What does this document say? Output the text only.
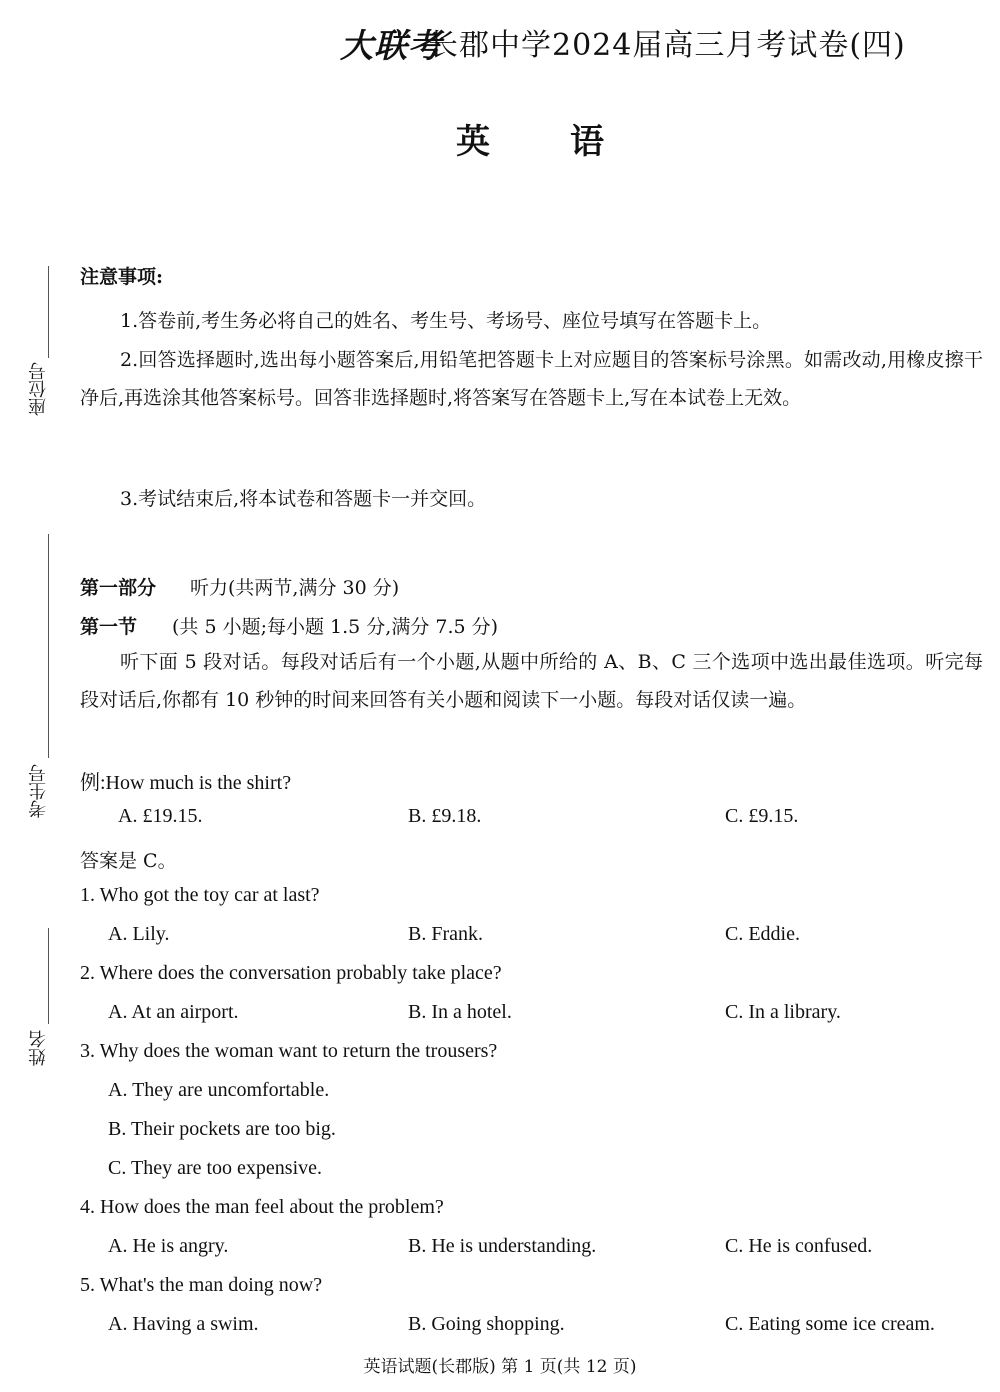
大联考
长郡中学2024届高三月考试卷(四)
英 语
座位号
考生号
姓名
注意事项:
1.答卷前,考生务必将自己的姓名、考生号、考场号、座位号填写在答题卡上。
2.回答选择题时,选出每小题答案后,用铅笔把答题卡上对应题目的答案标号涂黑。如需改动,用橡皮擦干净后,再选涂其他答案标号。回答非选择题时,将答案写在答题卡上,写在本试卷上无效。
3.考试结束后,将本试卷和答题卡一并交回。
第一部分 听力(共两节,满分 30 分)
第一节 (共 5 小题;每小题 1.5 分,满分 7.5 分)
听下面 5 段对话。每段对话后有一个小题,从题中所给的 A、B、C 三个选项中选出最佳选项。听完每段对话后,你都有 10 秒钟的时间来回答有关小题和阅读下一小题。每段对话仅读一遍。
例:How much is the shirt?
A. £19.15.	B. £9.18.	C. £9.15.
答案是 C。
1. Who got the toy car at last?
A. Lily.	B. Frank.	C. Eddie.
2. Where does the conversation probably take place?
A. At an airport.	B. In a hotel.	C. In a library.
3. Why does the woman want to return the trousers?
A. They are uncomfortable.
B. Their pockets are too big.
C. They are too expensive.
4. How does the man feel about the problem?
A. He is angry.	B. He is understanding.	C. He is confused.
5. What's the man doing now?
A. Having a swim.	B. Going shopping.	C. Eating some ice cream.
英语试题(长郡版) 第 1 页(共 12 页)
